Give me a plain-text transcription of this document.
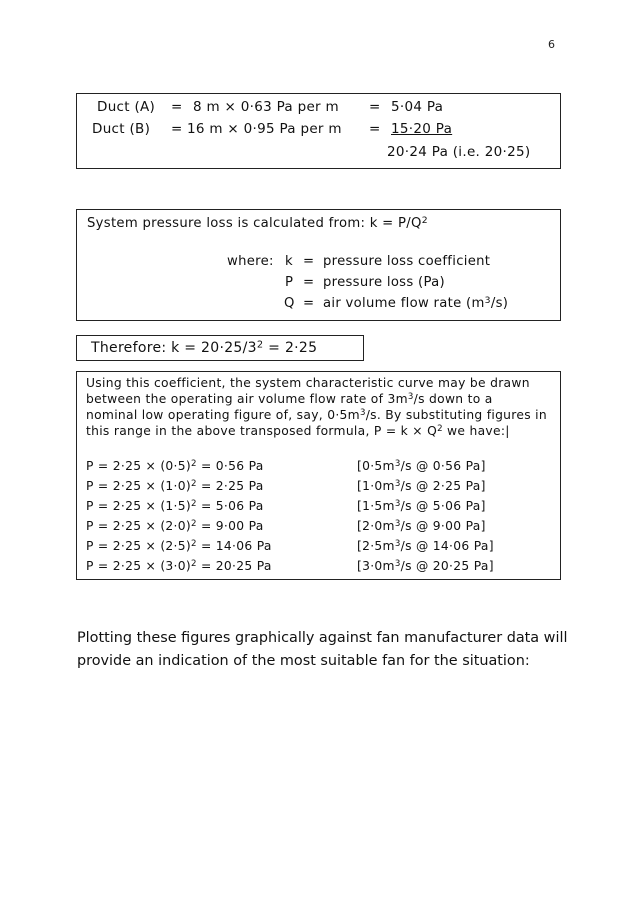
6
Duct (A) = 8 m × 0·63 Pa per m = 5·04 Pa
Duct (B) = 16 m × 0·95 Pa per m = 15·20 Pa
20·24 Pa (i.e. 20·25)
System pressure loss is calculated from: $k = P/Q^2$
where: k = pressure loss coefficient
P = pressure loss (Pa)
Q = air volume flow rate $(m^3/s)$
Therefore: $k = 20\cdot 25/3^2 = 2\cdot 25$
Using this coefficient, the system characteristic curve may be drawn
between the operating air volume flow rate of $3m^3/s$ down to a
nominal low operating figure of, say, $0\cdot 5m^3/s$. By substituting figures in
this range in the above transposed formula, $P = k \times Q^2$ we have:|
$P = 2\cdot 25 \times (0\cdot 5)^2 = 0\cdot 56$ Pa	[$0\cdot 5m^3/s$ @ 0·56 Pa]
$P = 2\cdot 25 \times (1\cdot 0)^2 = 2\cdot 25$ Pa	[$1\cdot 0m^3/s$ @ 2·25 Pa]
$P = 2\cdot 25 \times (1\cdot 5)^2 = 5\cdot 06$ Pa	[$1\cdot 5m^3/s$ @ 5·06 Pa]
$P = 2\cdot 25 \times (2\cdot 0)^2 = 9\cdot 00$ Pa	[$2\cdot 0m^3/s$ @ 9·00 Pa]
$P = 2\cdot 25 \times (2\cdot 5)^2 = 14\cdot 06$ Pa	[$2\cdot 5m^3/s$ @ 14·06 Pa]
$P = 2\cdot 25 \times (3\cdot 0)^2 = 20\cdot 25$ Pa	[$3\cdot 0m^3/s$ @ 20·25 Pa]
Plotting these figures graphically against fan manufacturer data will
provide an indication of the most suitable fan for the situation:
